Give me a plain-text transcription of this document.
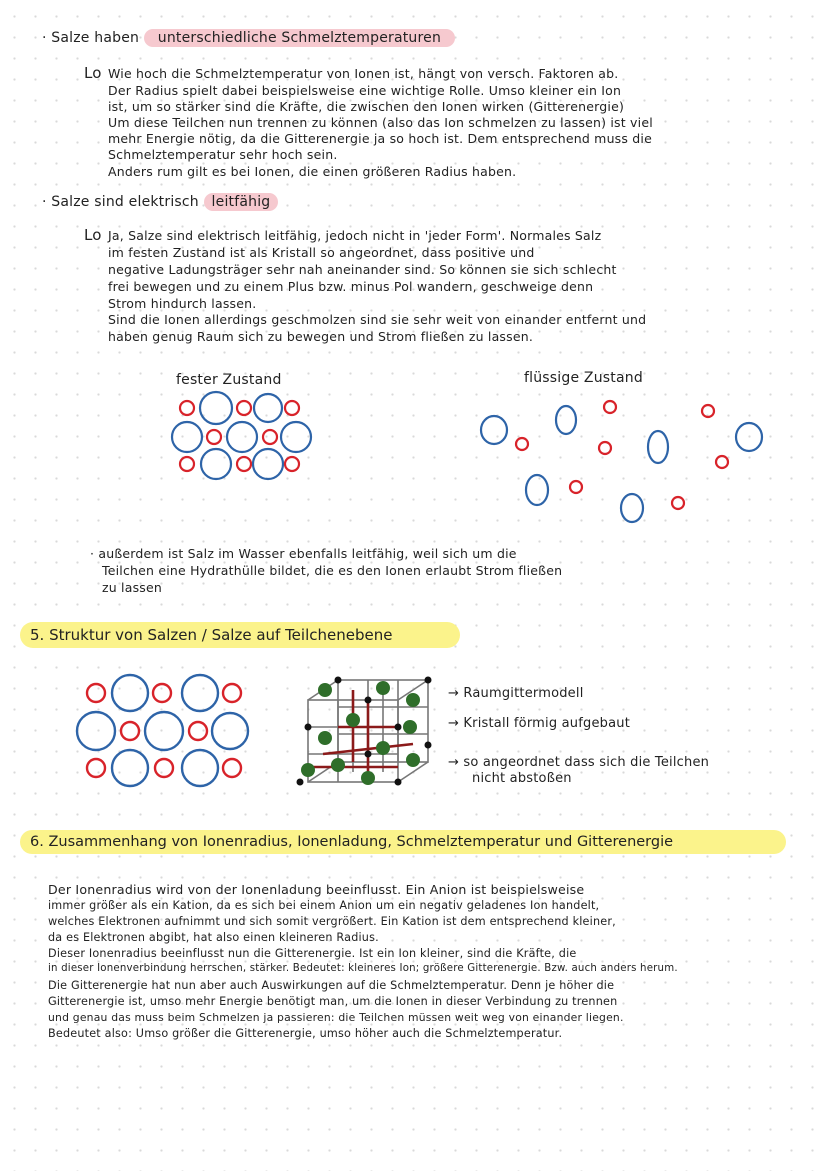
· Salze haben unterschiedliche Schmelztemperaturen
Lo Wie hoch die Schmelztemperatur von Ionen ist, hängt von versch. Faktoren ab.
Der Radius spielt dabei beispielsweise eine wichtige Rolle. Umso kleiner ein Ion
ist, um so stärker sind die Kräfte, die zwischen den Ionen wirken (Gitterenergie)
Um diese Teilchen nun trennen zu können (also das Ion schmelzen zu lassen) ist viel
mehr Energie nötig, da die Gitterenergie ja so hoch ist. Dem entsprechend muss die
Schmelztemperatur sehr hoch sein.
Anders rum gilt es bei Ionen, die einen größeren Radius haben.
· Salze sind elektrisch leitfähig
Lo Ja, Salze sind elektrisch leitfähig, jedoch nicht in 'jeder Form'. Normales Salz
im festen Zustand ist als Kristall so angeordnet, dass positive und
negative Ladungsträger sehr nah aneinander sind. So können sie sich schlecht
frei bewegen und zu einem Plus bzw. minus Pol wandern, geschweige denn
Strom hindurch lassen.
Sind die Ionen allerdings geschmolzen sind sie sehr weit von einander entfernt und
haben genug Raum sich zu bewegen und Strom fließen zu lassen.
fester Zustand	flüssige Zustand
· außerdem ist Salz im Wasser ebenfalls leitfähig, weil sich um die
Teilchen eine Hydrathülle bildet, die es den Ionen erlaubt Strom fließen
zu lassen
5. Struktur von Salzen / Salze auf Teilchenebene
→ Raumgittermodell
→ Kristall förmig aufgebaut
→ so angeordnet dass sich die Teilchen
nicht abstoßen
6. Zusammenhang von Ionenradius, Ionenladung, Schmelztemperatur und Gitterenergie
Der Ionenradius wird von der Ionenladung beeinflusst. Ein Anion ist beispielsweise
immer größer als ein Kation, da es sich bei einem Anion um ein negativ geladenes Ion handelt,
welches Elektronen aufnimmt und sich somit vergrößert. Ein Kation ist dem entsprechend kleiner,
da es Elektronen abgibt, hat also einen kleineren Radius.
Dieser Ionenradius beeinflusst nun die Gitterenergie. Ist ein Ion kleiner, sind die Kräfte, die
in dieser Ionenverbindung herrschen, stärker. Bedeutet: kleineres Ion; größere Gitterenergie. Bzw. auch anders herum.
Die Gitterenergie hat nun aber auch Auswirkungen auf die Schmelztemperatur. Denn je höher die
Gitterenergie ist, umso mehr Energie benötigt man, um die Ionen in dieser Verbindung zu trennen
und genau das muss beim Schmelzen ja passieren: die Teilchen müssen weit weg von einander liegen.
Bedeutet also: Umso größer die Gitterenergie, umso höher auch die Schmelztemperatur.
